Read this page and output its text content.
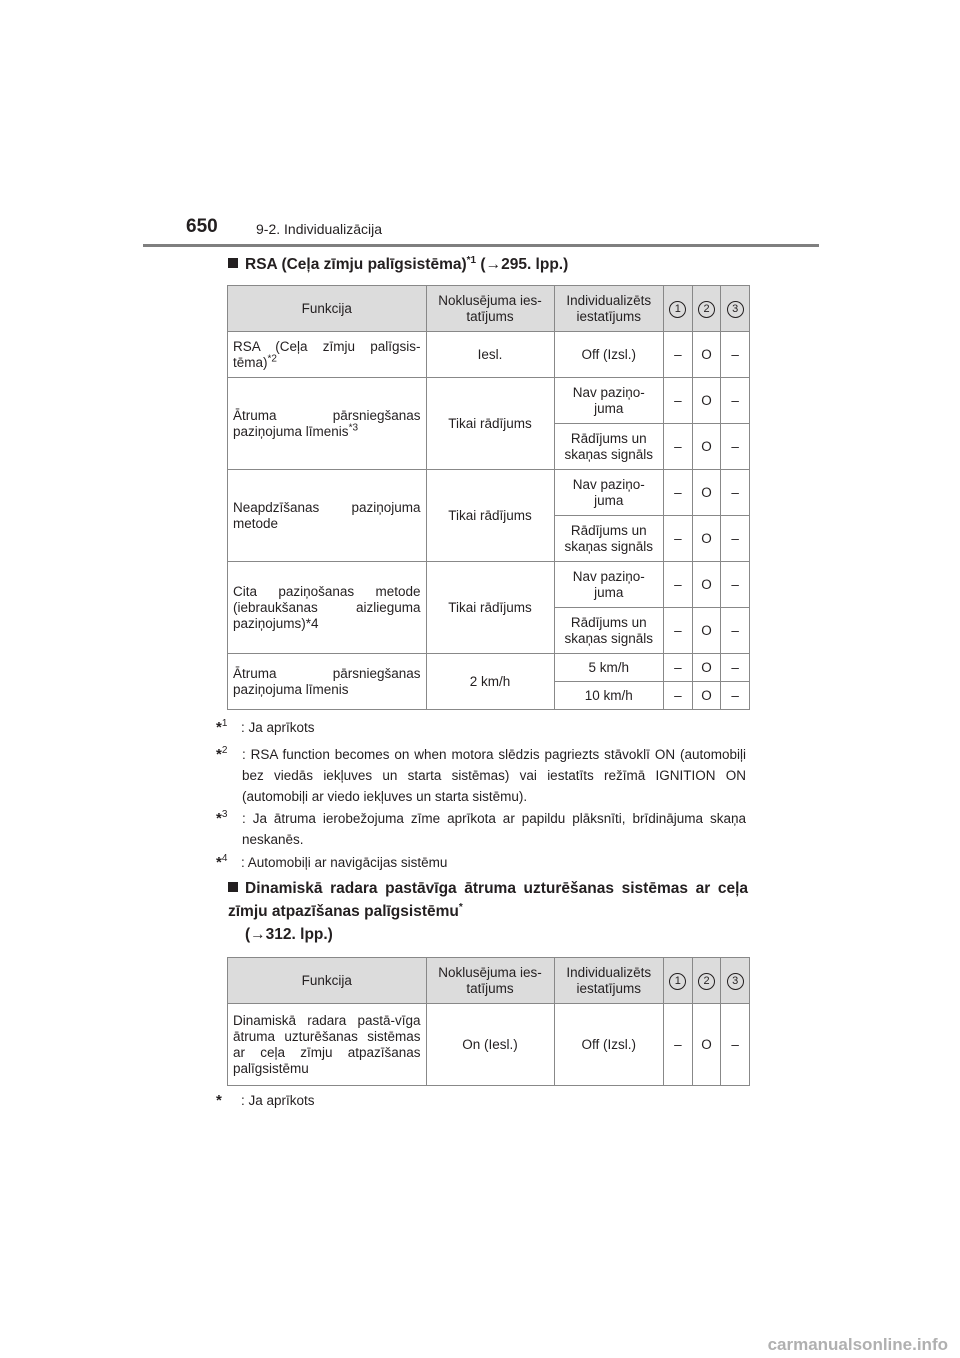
650	9-2. Individualizācija
RSA (Ceļa zīmju palīgsistēma)$^{*1}$ (→295. lpp.)
Funkcija	Noklusējuma ies-tatījums	Individualizēts iestatījums	1	2	3
RSA (Ceļa zīmju palīgsis-tēma)$^{*2}$	Iesl.	Off (Izsl.)	–	O	–
Ātruma pārsniegšanas paziņojuma līmenis$^{*3}$	Tikai rādījums	Nav paziņo-juma	–	O	–
		Rādījums un skaņas signāls	–	O	–
Neapdzīšanas paziņojuma metode	Tikai rādījums	Nav paziņo-juma	–	O	–
		Rādījums un skaņas signāls	–	O	–
Cita paziņošanas metode (iebraukšanas aizlieguma paziņojums)*4	Tikai rādījums	Nav paziņo-juma	–	O	–
		Rādījums un skaņas signāls	–	O	–
Ātruma pārsniegšanas paziņojuma līmenis	2 km/h	5 km/h	–	O	–
		10 km/h	–	O	–
*$^1$ : Ja aprīkots
*$^2$	: RSA function becomes on when motora slēdzis pagriezts stāvoklī ON (automobiļi bez viedās iekļuves un starta sistēmas) vai iestatīts režīmā IGNITION ON (automobiļi ar viedo iekļuves un starta sistēmu).
*$^3$	: Ja ātruma ierobežojuma zīme aprīkota ar papildu plāksnīti, brīdinājuma skaņa neskanēs.
*$^4$ : Automobiļi ar navigācijas sistēmu
Dinamiskā radara pastāvīga ātruma uzturēšanas sistēmas ar ceļa zīmju atpazīšanas palīgsistēmu*
(→312. lpp.)
Funkcija	Noklusējuma ies-tatījums	Individualizēts iestatījums	1	2	3
Dinamiskā radara pastā-vīga ātruma uzturēšanas sistēmas ar ceļa zīmju atpazīšanas palīgsistēmu	On (Iesl.)	Off (Izsl.)	–	O	–
* : Ja aprīkots
carmanualsonline.info
